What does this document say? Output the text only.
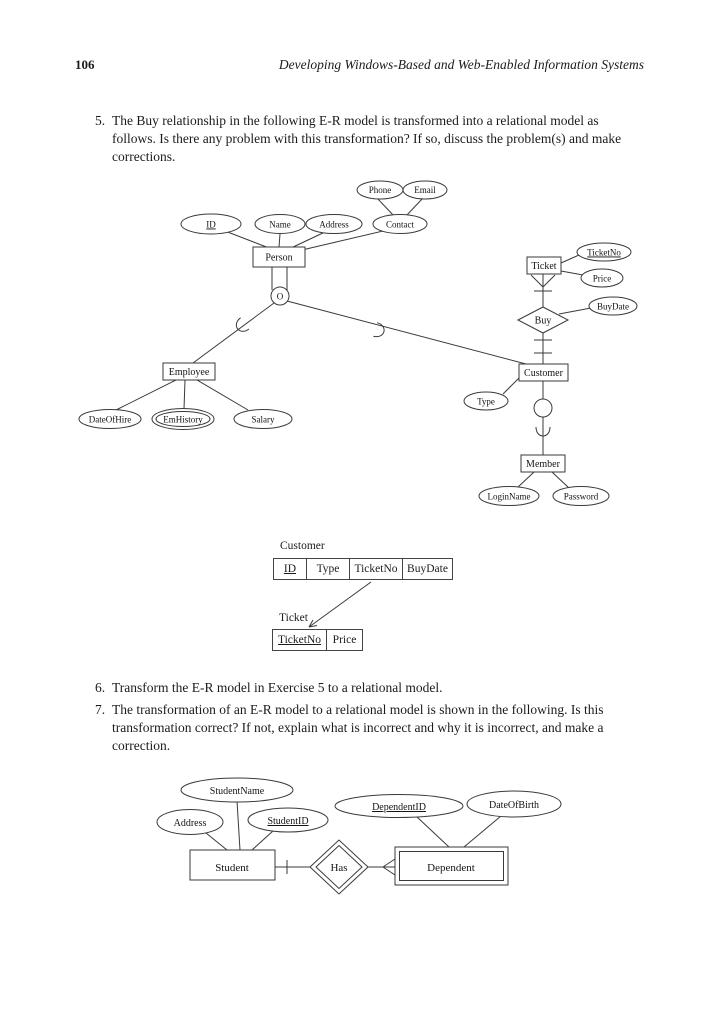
106	Developing Windows-Based and Web-Enabled Information Systems
5. The Buy relationship in the following E-R model is transformed into a relational model as follows. Is there any problem with this transformation? If so, discuss the problem(s) and make corrections.
O
Phone	Email
ID	Name	Address	Contact
TicketNo
Price
BuyDate
DateOfHire	EmHistory	Salary
Type
LoginName	Password
Person
Ticket
Employee	Customer
Member
Buy
Customer
ID	Type	TicketNo	BuyDate
Ticket
TicketNo	Price
6. Transform the E-R model in Exercise 5 to a relational model.
7. The transformation of an E-R model to a relational model is shown in the following. Is this transformation correct? If not, explain what is incorrect and why it is incorrect, and make a correction.
StudentName
Address	StudentID
DependentID	DateOfBirth
Student	Has	Dependent
